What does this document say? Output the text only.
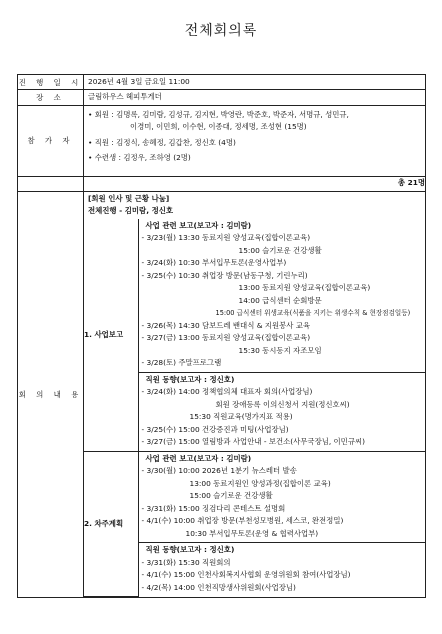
전체회의록
진 행 일 시	2026년 4월 3일 금요일 11:00

장 소	글림하우스 헤피투게더

참 가 자	
• 회원 : 김명록, 김미람, 김성규, 김지현, 박영란, 박준호, 박준자, 서명규, 성민규,
이경미, 이민희, 이수현, 이종대, 정세명, 조성현 (15명)
• 직원 : 김정식, 송혜정, 김갑찬, 정신호 (4명)
• 수련생 : 김정우, 조하영 (2명)

	총 21명
회 의 내 용	
[회원 인사 및 근황 나눔]
전체진행 - 김미람, 정신호
1. 사업보고	
사업 관련 보고(보고자 : 김미람)
- 3/23(월) 13:30 동료지원 양성교육(집합이론교육)
15:00 슬기로운 건강생활
- 3/24(화) 10:30 부서입무토론(운영사업부)
- 3/25(수) 10:30 취업장 방문(남동구청, 기린누리)
13:00 동료지원 양성교육(집합이론교육)
14:00 급식센터 순회방문
15:00 급식센터 위생교육(식품을 지키는 위생수칙 & 현장점검일등)
- 3/26(목) 14:30 담보드레 밴대식 & 지원봉사 교육
- 3/27(금) 13:00 동료지원 양성교육(집합이론교육)
15:30 동시동지 자조모임
- 3/28(토) 주말프로그램

직원 동향(보고자 : 정신호)
- 3/24(화) 14:00 정책협의체 대표자 회의(사업장님)
회원 장애등록 이의신청서 지원(정신호씨)
15:30 직원교육(명가지표 적용)
- 3/25(수) 15:00 건강증진과 미팅(사업장님)
- 3/27(금) 15:00 열림방과 사업안내 - 보건소(사무국장님, 이민규씨)

2. 차주계획	
사업 관련 보고(보고자 : 김미람)
- 3/30(월) 10:00 2026년 1분기 뉴스레터 발송
13:00 동료지원인 양성과정(집합이론 교육)
15:00 슬기로운 건강생활
- 3/31(화) 15:00 징검다리 콘테스트 설명회
- 4/1(수) 10:00 취업장 방문(부천성모병원, 세스코, 완전정밀)
10:30 부서입무토론(운영 & 협력사업부)

직원 동향(보고자 : 정신호)
- 3/31(화) 15:30 직원회의
- 4/1(수) 15:00 인천사회복지사협회 운영위원회 참여(사업장님)
- 4/2(목) 14:00 인천직망생사위원회(사업장님)
